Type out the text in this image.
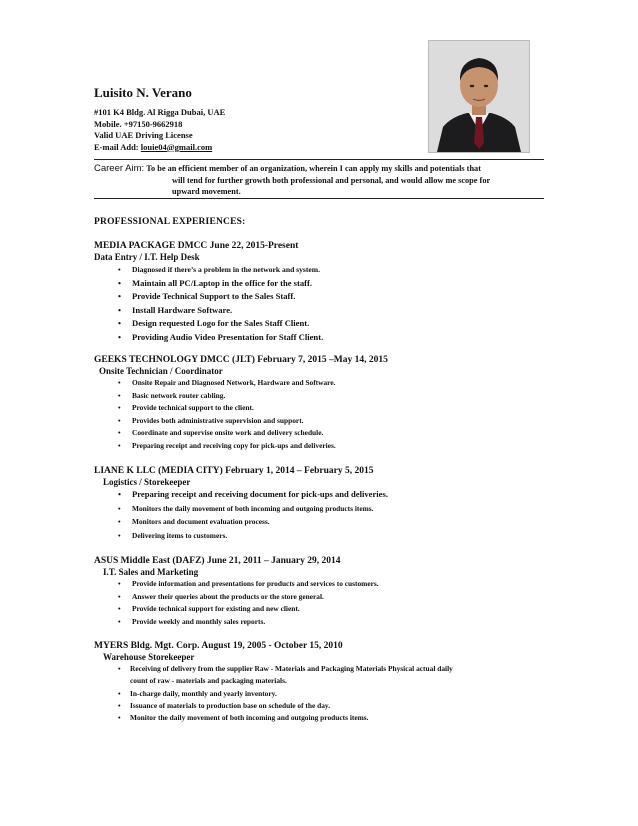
Luisito N. Verano
#101 K4 Bldg. Al Rigga Dubai, UAE
Mobile. +97150-9662918
Valid UAE Driving License
E-mail Add: louie04@gmail.com
Career Aim: To be an efficient member of an organization, wherein I can apply my skills and potentials that
will tend for further growth both professional and personal, and would allow me scope for
upward movement.
PROFESSIONAL EXPERIENCES:
MEDIA PACKAGE DMCC June 22, 2015-Present
Data Entry / I.T. Help Desk
• Diagnosed if there’s a problem in the network and system.
• Maintain all PC/Laptop in the office for the staff.
• Provide Technical Support to the Sales Staff.
• Install Hardware Software.
• Design requested Logo for the Sales Staff Client.
• Providing Audio Video Presentation for Staff Client.
GEEKS TECHNOLOGY DMCC (JLT) February 7, 2015 –May 14, 2015
Onsite Technician / Coordinator
• Onsite Repair and Diagnosed Network, Hardware and Software.
• Basic network router cabling.
• Provide technical support to the client.
• Provides both administrative supervision and support.
• Coordinate and supervise onsite work and delivery schedule.
• Preparing receipt and receiving copy for pick-ups and deliveries.
LIANE K LLC (MEDIA CITY) February 1, 2014 – February 5, 2015
Logistics / Storekeeper
• Preparing receipt and receiving document for pick-ups and deliveries.
• Monitors the daily movement of both incoming and outgoing products items.
• Monitors and document evaluation process.
• Delivering items to customers.
ASUS Middle East (DAFZ) June 21, 2011 – January 29, 2014
I.T. Sales and Marketing
• Provide information and presentations for products and services to customers.
• Answer their queries about the products or the store general.
• Provide technical support for existing and new client.
• Provide weekly and monthly sales reports.
MYERS Bldg. Mgt. Corp. August 19, 2005 - October 15, 2010
Warehouse Storekeeper
• Receiving of delivery from the supplier Raw - Materials and Packaging Materials Physical actual daily
count of raw - materials and packaging materials.
• In-charge daily, monthly and yearly inventory.
• Issuance of materials to production base on schedule of the day.
• Monitor the daily movement of both incoming and outgoing products items.
